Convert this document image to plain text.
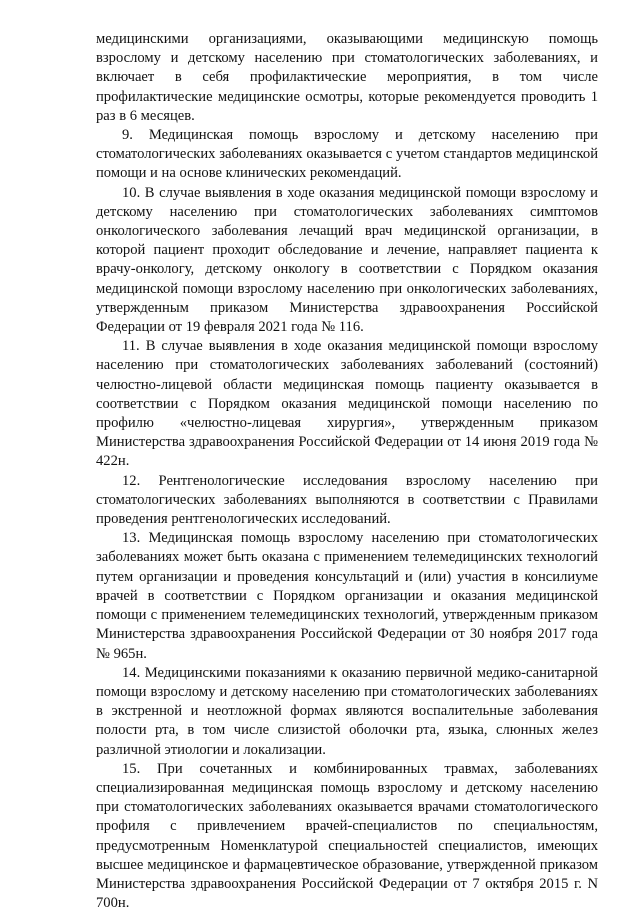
медицинскими организациями, оказывающими медицинскую помощь взрослому и детскому населению при стоматологических заболеваниях, и включает в себя профилактические мероприятия, в том числе профилактические медицинские осмотры, которые рекомендуется проводить 1 раз в 6 месяцев.

9. Медицинская помощь взрослому и детскому населению при стоматологических заболеваниях оказывается с учетом стандартов медицинской помощи и на основе клинических рекомендаций.

10. В случае выявления в ходе оказания медицинской помощи взрослому и детскому населению при стоматологических заболеваниях симптомов онкологического заболевания лечащий врач медицинской организации, в которой пациент проходит обследование и лечение, направляет пациента к врачу-онкологу, детскому онкологу в соответствии с Порядком оказания медицинской помощи взрослому населению при онкологических заболеваниях, утвержденным приказом Министерства здравоохранения Российской Федерации от 19 февраля 2021 года № 116.

11. В случае выявления в ходе оказания медицинской помощи взрослому населению при стоматологических заболеваниях заболеваний (состояний) челюстно-лицевой области медицинская помощь пациенту оказывается в соответствии с Порядком оказания медицинской помощи населению по профилю «челюстно-лицевая хирургия», утвержденным приказом Министерства здравоохранения Российской Федерации от 14 июня 2019 года № 422н.

12. Рентгенологические исследования взрослому населению при стоматологических заболеваниях выполняются в соответствии с Правилами проведения рентгенологических исследований.

13. Медицинская помощь взрослому населению при стоматологических заболеваниях может быть оказана с применением телемедицинских технологий путем организации и проведения консультаций и (или) участия в консилиуме врачей в соответствии с Порядком организации и оказания медицинской помощи с применением телемедицинских технологий, утвержденным приказом Министерства здравоохранения Российской Федерации от 30 ноября 2017 года № 965н.

14. Медицинскими показаниями к оказанию первичной медико-санитарной помощи взрослому и детскому населению при стоматологических заболеваниях в экстренной и неотложной формах являются воспалительные заболевания полости рта, в том числе слизистой оболочки рта, языка, слюнных желез различной этиологии и локализации.

15. При сочетанных и комбинированных травмах, заболеваниях специализированная медицинская помощь взрослому и детскому населению при стоматологических заболеваниях оказывается врачами стоматологического профиля с привлечением врачей-специалистов по специальностям, предусмотренным Номенклатурой специальностей специалистов, имеющих высшее медицинское и фармацевтическое образование, утвержденной приказом Министерства здравоохранения Российской Федерации от 7 октября 2015 г. N 700н.
